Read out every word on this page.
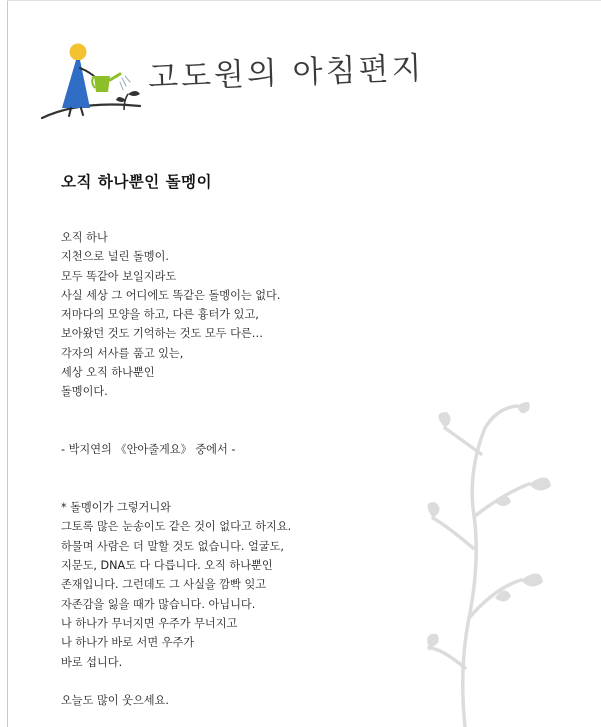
고도원의 아침편지
오직 하나뿐인 돌멩이
오직 하나
지천으로 널린 돌멩이.
모두 똑같아 보일지라도
사실 세상 그 어디에도 똑같은 돌멩이는 없다.
저마다의 모양을 하고, 다른 흉터가 있고,
보아왔던 것도 기억하는 것도 모두 다른…
각자의 서사를 품고 있는,
세상 오직 하나뿐인
돌멩이다.
- 박지연의 《안아줄게요》 중에서 -
* 돌멩이가 그렇거니와
그토록 많은 눈송이도 같은 것이 없다고 하지요.
하물며 사람은 더 말할 것도 없습니다. 얼굴도,
지문도, DNA도 다 다릅니다. 오직 하나뿐인
존재입니다. 그런데도 그 사실을 깜빡 잊고
자존감을 잃을 때가 많습니다. 아닙니다.
나 하나가 무너지면 우주가 무너지고
나 하나가 바로 서면 우주가
바로 섭니다.
오늘도 많이 웃으세요.
